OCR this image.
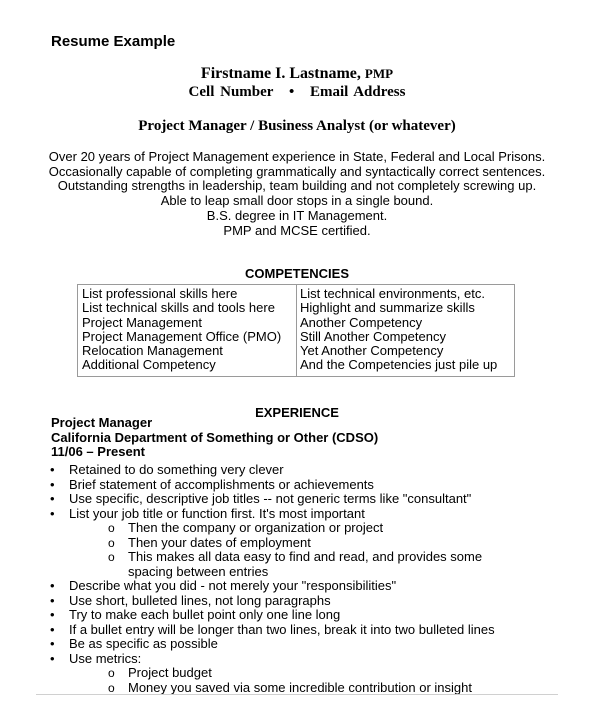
Resume Example
Firstname I. Lastname, PMP
Cell Number • Email Address
Project Manager / Business Analyst (or whatever)
Over 20 years of Project Management experience in State, Federal and Local Prisons.
Occasionally capable of completing grammatically and syntactically correct sentences.
Outstanding strengths in leadership, team building and not completely screwing up.
Able to leap small door stops in a single bound.
B.S. degree in IT Management.
PMP and MCSE certified.
COMPETENCIES
List professional skills here
List technical skills and tools here
Project Management
Project Management Office (PMO)
Relocation Management
Additional Competency
List technical environments, etc.
Highlight and summarize skills
Another Competency
Still Another Competency
Yet Another Competency
And the Competencies just pile up
EXPERIENCE
Project Manager
California Department of Something or Other (CDSO)
11/06 – Present
• Retained to do something very clever
• Brief statement of accomplishments or achievements
• Use specific, descriptive job titles -- not generic terms like "consultant"
• List your job title or function first. It's most important
o Then the company or organization or project
o Then your dates of employment
o This makes all data easy to find and read, and provides some spacing between entries
• Describe what you did - not merely your "responsibilities"
• Use short, bulleted lines, not long paragraphs
• Try to make each bullet point only one line long
• If a bullet entry will be longer than two lines, break it into two bulleted lines
• Be as specific as possible
• Use metrics:
o Project budget
o Money you saved via some incredible contribution or insight
